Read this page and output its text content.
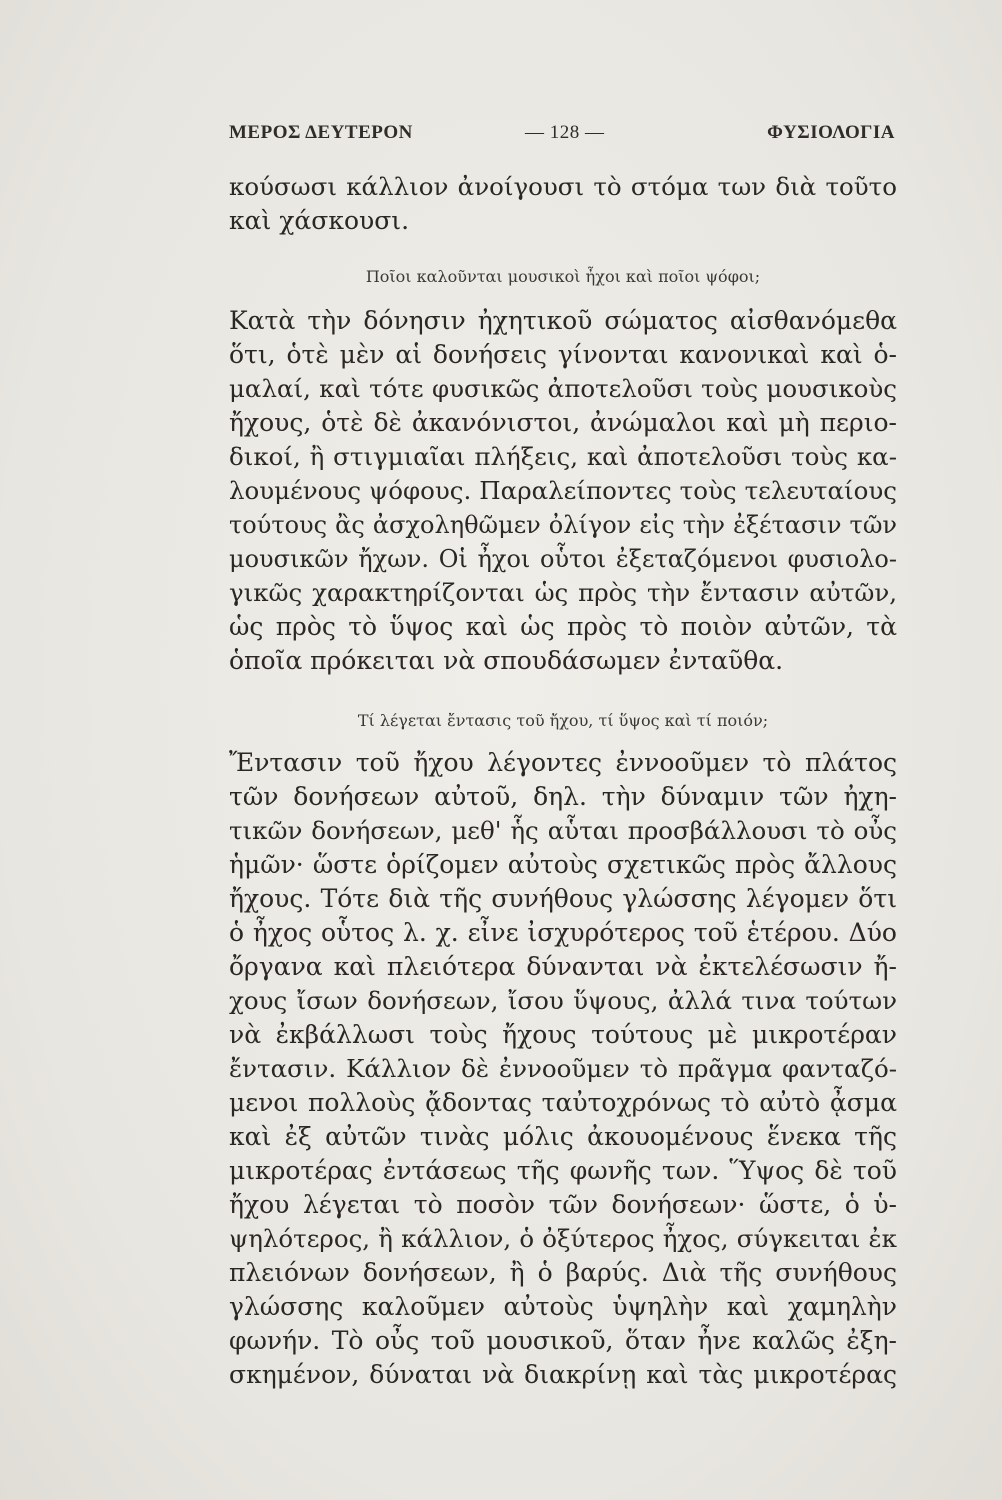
ΜΕΡΟΣ ΔΕΥΤΕΡΟΝ	— 128 —	ΦΥΣΙΟΛΟΓΙΑ
κούσωσι κάλλιον ἀνοίγουσι τὸ στόμα των διὰ τοῦτο
καὶ χάσκουσι.
Ποῖοι καλοῦνται μουσικοὶ ἦχοι καὶ ποῖοι ψόφοι;
Κατὰ τὴν δόνησιν ἠχητικοῦ σώματος αἰσθανόμεθα
ὅτι, ὁτὲ μὲν αἱ δονήσεις γίνονται κανονικαὶ καὶ ὁ-
μαλαί, καὶ τότε φυσικῶς ἀποτελοῦσι τοὺς μουσικοὺς
ἤχους, ὁτὲ δὲ ἀκανόνιστοι, ἀνώμαλοι καὶ μὴ περιο-
δικοί, ἢ στιγμιαῖαι πλήξεις, καὶ ἀποτελοῦσι τοὺς κα-
λουμένους ψόφους. Παραλείποντες τοὺς τελευταίους
τούτους ἂς ἀσχοληθῶμεν ὀλίγον εἰς τὴν ἐξέτασιν τῶν
μουσικῶν ἤχων. Οἱ ἦχοι οὗτοι ἐξεταζόμενοι φυσιολο-
γικῶς χαρακτηρίζονται ὡς πρὸς τὴν ἔντασιν αὐτῶν,
ὡς πρὸς τὸ ὕψος καὶ ὡς πρὸς τὸ ποιὸν αὐτῶν, τὰ
ὁποῖα πρόκειται νὰ σπουδάσωμεν ἐνταῦθα.
Τί λέγεται ἔντασις τοῦ ἤχου, τί ὕψος καὶ τί ποιόν;
Ἔντασιν τοῦ ἤχου λέγοντες ἐννοοῦμεν τὸ πλάτος
τῶν δονήσεων αὐτοῦ, δηλ. τὴν δύναμιν τῶν ἠχη-
τικῶν δονήσεων, μεθ' ἧς αὗται προσβάλλουσι τὸ οὖς
ἡμῶν· ὥστε ὁρίζομεν αὐτοὺς σχετικῶς πρὸς ἄλλους
ἤχους. Τότε διὰ τῆς συνήθους γλώσσης λέγομεν ὅτι
ὁ ἦχος οὗτος λ. χ. εἶνε ἰσχυρότερος τοῦ ἑτέρου. Δύο
ὄργανα καὶ πλειότερα δύνανται νὰ ἐκτελέσωσιν ἤ-
χους ἴσων δονήσεων, ἴσου ὕψους, ἀλλά τινα τούτων
νὰ ἐκβάλλωσι τοὺς ἤχους τούτους μὲ μικροτέραν
ἔντασιν. Κάλλιον δὲ ἐννοοῦμεν τὸ πρᾶγμα φανταζό-
μενοι πολλοὺς ᾄδοντας ταὐτοχρόνως τὸ αὐτὸ ᾆσμα
καὶ ἐξ αὐτῶν τινὰς μόλις ἀκουομένους ἕνεκα τῆς
μικροτέρας ἐντάσεως τῆς φωνῆς των. Ὕψος δὲ τοῦ
ἤχου λέγεται τὸ ποσὸν τῶν δονήσεων· ὥστε, ὁ ὑ-
ψηλότερος, ἢ κάλλιον, ὁ ὀξύτερος ἦχος, σύγκειται ἐκ
πλειόνων δονήσεων, ἢ ὁ βαρύς. Διὰ τῆς συνήθους
γλώσσης καλοῦμεν αὐτοὺς ὑψηλὴν καὶ χαμηλὴν
φωνήν. Τὸ οὖς τοῦ μουσικοῦ, ὅταν ἦνε καλῶς ἐξη-
σκημένον, δύναται νὰ διακρίνῃ καὶ τὰς μικροτέρας
